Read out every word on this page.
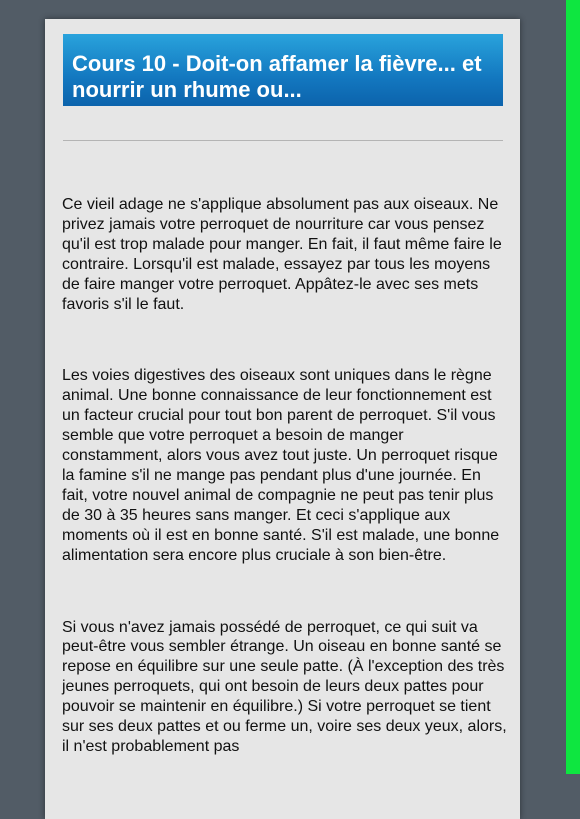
Cours 10 - Doit-on affamer la fièvre... et nourrir un rhume ou...

Ce vieil adage ne s'applique absolument pas aux oiseaux. Ne privez jamais votre perroquet de nourriture car vous pensez qu'il est trop malade pour manger. En fait, il faut même faire le contraire. Lorsqu'il est malade, essayez par tous les moyens de faire manger votre perroquet. Appâtez-le avec ses mets favoris s'il le faut.

Les voies digestives des oiseaux sont uniques dans le règne animal. Une bonne connaissance de leur fonctionnement est un facteur crucial pour tout bon parent de perroquet. S'il vous semble que votre perroquet a besoin de manger constamment, alors vous avez tout juste. Un perroquet risque la famine s'il ne mange pas pendant plus d'une journée. En fait, votre nouvel animal de compagnie ne peut pas tenir plus de 30 à 35 heures sans manger. Et ceci s'applique aux moments où il est en bonne santé. S'il est malade, une bonne alimentation sera encore plus cruciale à son bien-être.

Si vous n'avez jamais possédé de perroquet, ce qui suit va peut-être vous sembler étrange. Un oiseau en bonne santé se repose en équilibre sur une seule patte. (À l'exception des très jeunes perroquets, qui ont besoin de leurs deux pattes pour pouvoir se maintenir en équilibre.) Si votre perroquet se tient sur ses deux pattes et ou ferme un, voire ses deux yeux, alors, il n'est probablement pas
